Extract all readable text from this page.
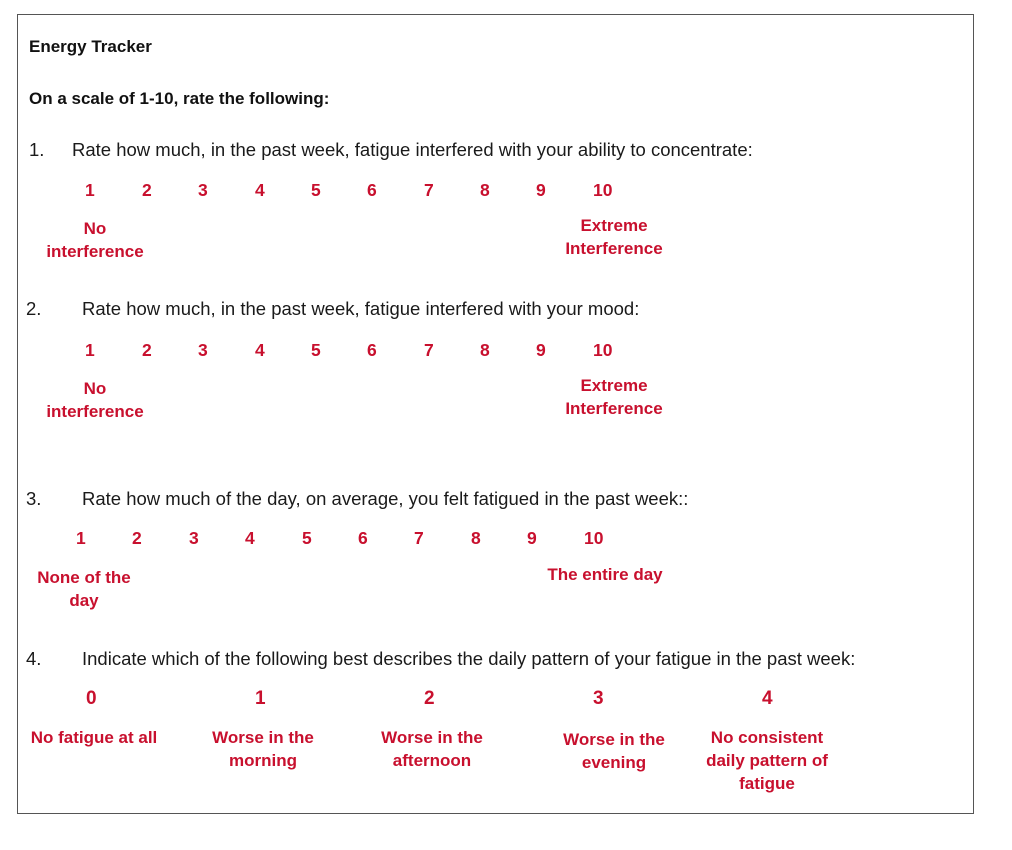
Energy Tracker
On a scale of 1-10, rate the following:
1. Rate how much, in the past week, fatigue interfered with your ability to concentrate:
1	2	3	4	5	6	7	8	9	10
No interference
Extreme Interference
2. Rate how much, in the past week, fatigue interfered with your mood:
1	2	3	4	5	6	7	8	9	10
No interference
Extreme Interference
3. Rate how much of the day, on average, you felt fatigued in the past week::
1	2	3	4	5	6	7	8	9	10
None of the day
The entire day
4. Indicate which of the following best describes the daily pattern of your fatigue in the past week:
0
No fatigue at all
1
Worse in the morning
2
Worse in the afternoon
3
Worse in the evening
4
No consistent daily pattern of fatigue
